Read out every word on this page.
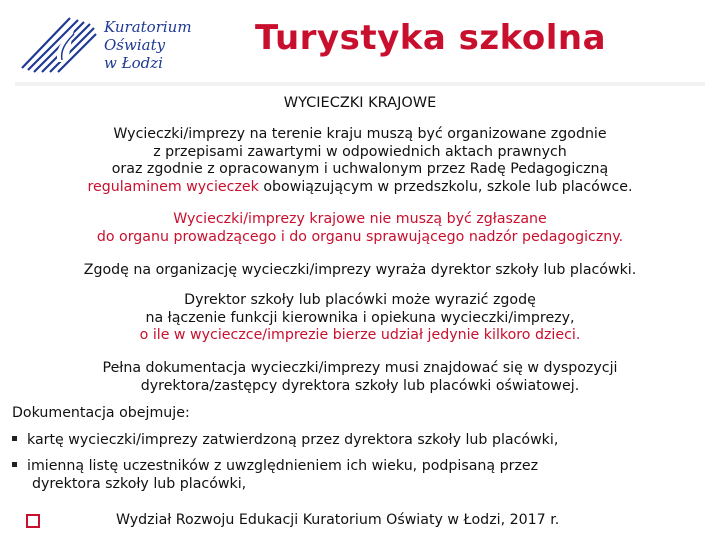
Kuratorium
Oświaty
w Łodzi
Turystyka szkolna
WYCIECZKI KRAJOWE
Wycieczki/imprezy na terenie kraju muszą być organizowane zgodnie
z przepisami zawartymi w odpowiednich aktach prawnych
oraz zgodnie z opracowanym i uchwalonym przez Radę Pedagogiczną
regulaminem wycieczek obowiązującym w przedszkolu, szkole lub placówce.
Wycieczki/imprezy krajowe nie muszą być zgłaszane
do organu prowadzącego i do organu sprawującego nadzór pedagogiczny.
Zgodę na organizację wycieczki/imprezy wyraża dyrektor szkoły lub placówki.
Dyrektor szkoły lub placówki może wyrazić zgodę
na łączenie funkcji kierownika i opiekuna wycieczki/imprezy,
o ile w wycieczce/imprezie bierze udział jedynie kilkoro dzieci.
Pełna dokumentacja wycieczki/imprezy musi znajdować się w dyspozycji
dyrektora/zastępcy dyrektora szkoły lub placówki oświatowej.
Dokumentacja obejmuje:
kartę wycieczki/imprezy zatwierdzoną przez dyrektora szkoły lub placówki,
imienną listę uczestników z uwzględnieniem ich wieku, podpisaną przez
dyrektora szkoły lub placówki,
Wydział Rozwoju Edukacji Kuratorium Oświaty w Łodzi, 2017 r.
